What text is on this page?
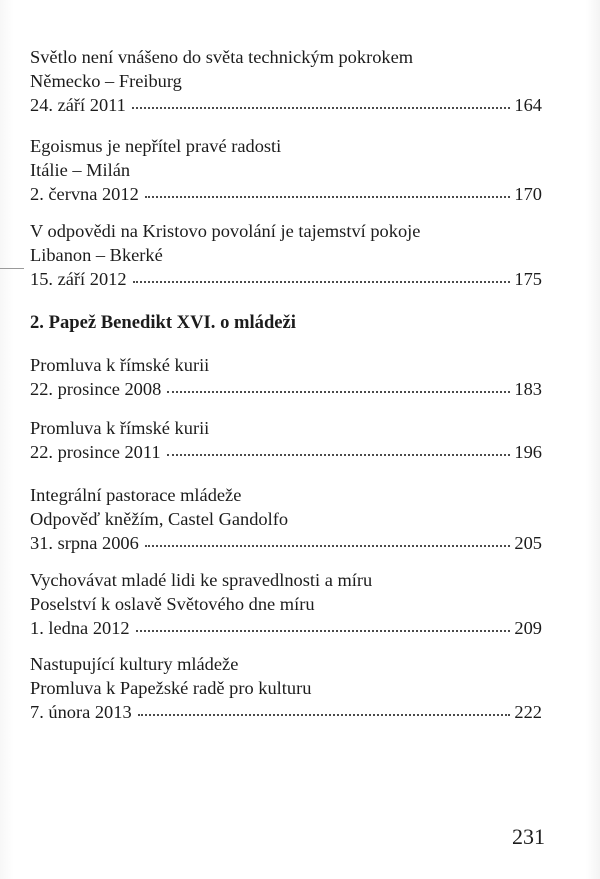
Světlo není vnášeno do světa technickým pokrokem
Německo – Freiburg
24. září 2011	164
Egoismus je nepřítel pravé radosti
Itálie – Milán
2. června 2012	170
V odpovědi na Kristovo povolání je tajemství pokoje
Libanon – Bkerké
15. září 2012	175
2. Papež Benedikt XVI. o mládeži
Promluva k římské kurii
22. prosince 2008	183
Promluva k římské kurii
22. prosince 2011	196
Integrální pastorace mládeže
Odpověď kněžím, Castel Gandolfo
31. srpna 2006	205
Vychovávat mladé lidi ke spravedlnosti a míru
Poselství k oslavě Světového dne míru
1. ledna 2012	209
Nastupující kultury mládeže
Promluva k Papežské radě pro kulturu
7. února 2013	222
231
